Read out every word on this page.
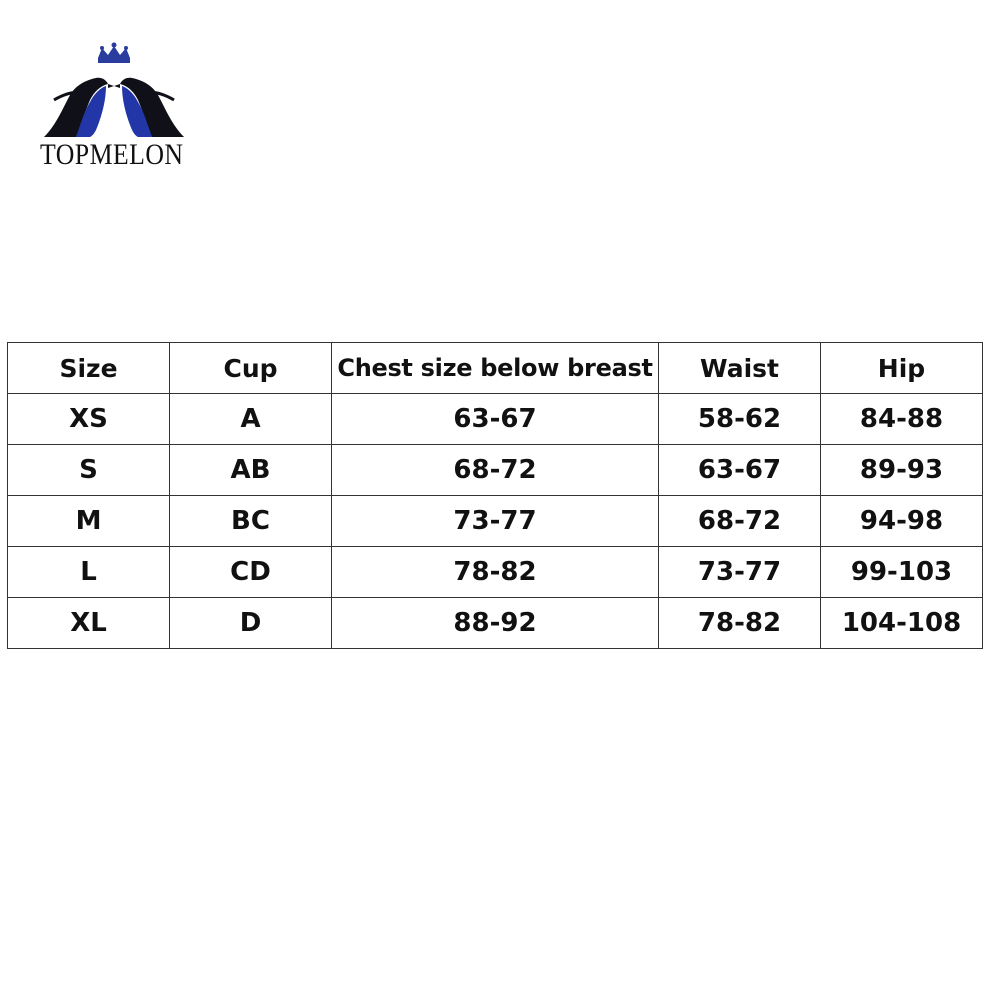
TOPMELON
Size	Cup	Chest size below breast	Waist	Hip
XS	A	63-67	58-62	84-88
S	AB	68-72	63-67	89-93
M	BC	73-77	68-72	94-98
L	CD	78-82	73-77	99-103
XL	D	88-92	78-82	104-108
